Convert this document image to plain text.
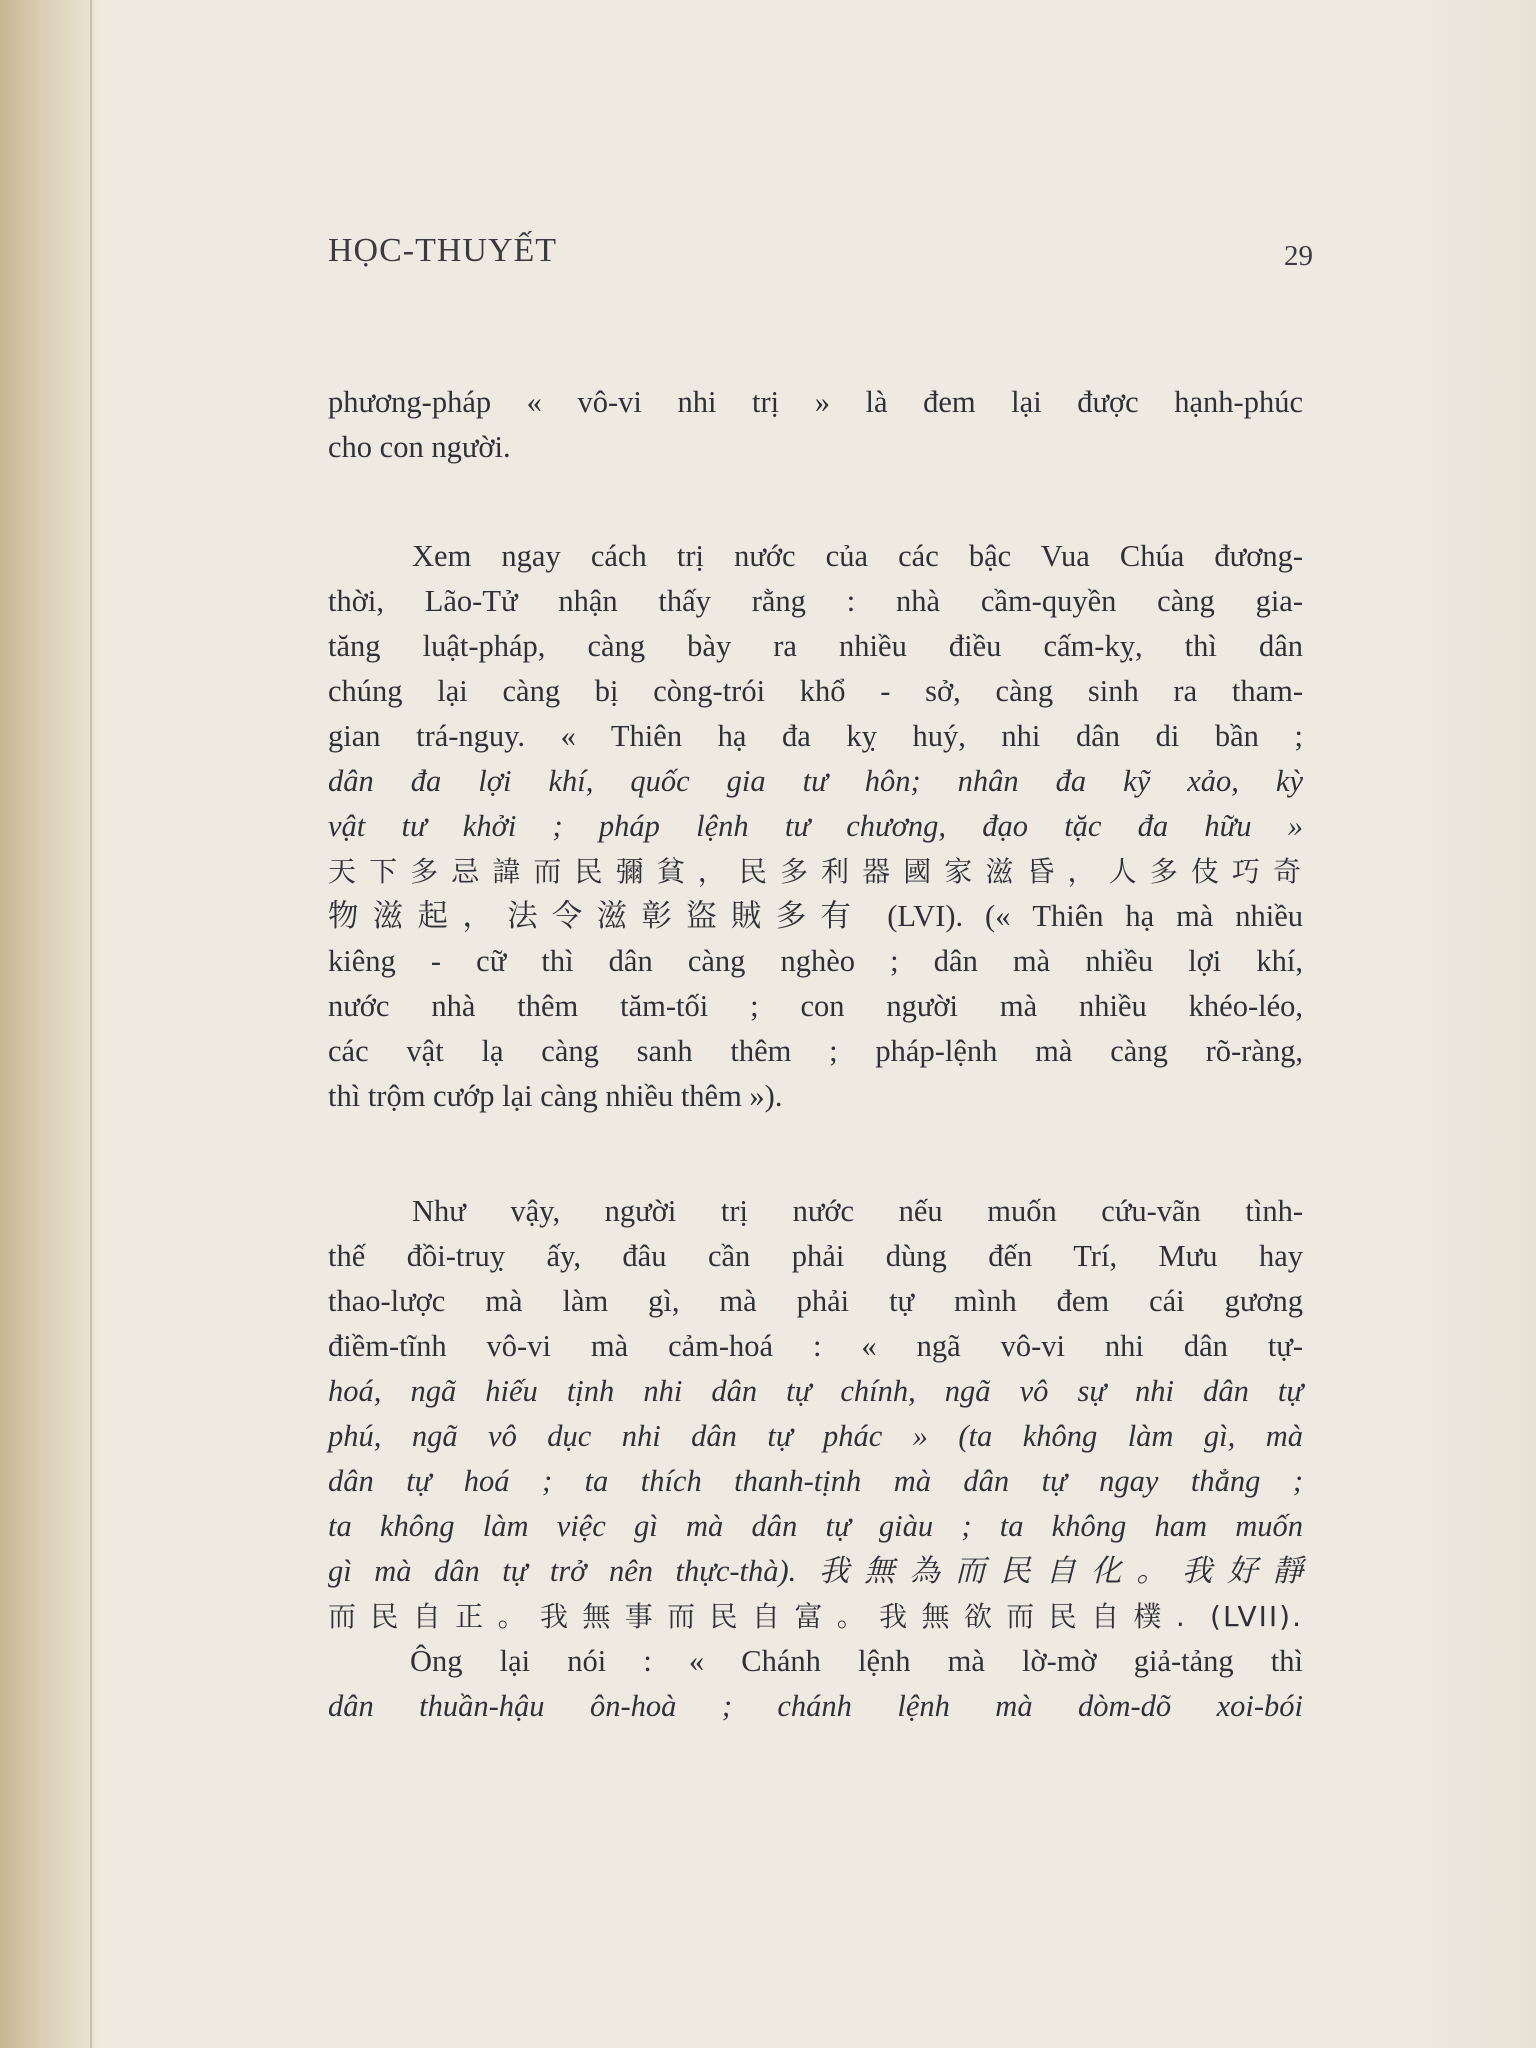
HỌC-THUYẾT	29
phương-pháp « vô-vi nhi trị » là đem lại được hạnh-phúc
cho con người.
Xem ngay cách trị nước của các bậc Vua Chúa đương-
thời, Lão-Tử nhận thấy rằng : nhà cầm-quyền càng gia-
tăng luật-pháp, càng bày ra nhiều điều cấm-kỵ, thì dân
chúng lại càng bị còng-trói khổ - sở, càng sinh ra tham-
gian trá-nguy. « Thiên hạ đa kỵ huý, nhi dân di bần ;
dân đa lợi khí, quốc gia tư hôn; nhân đa kỹ xảo, kỳ
vật tư khởi ; pháp lệnh tư chương, đạo tặc đa hữu »
天下多忌諱而民彌貧，民多利器國家滋昏，人多伎巧奇
物滋起，法令滋彰盜賊多有 (LVI). (« Thiên hạ mà nhiều
kiêng - cữ thì dân càng nghèo ; dân mà nhiều lợi khí,
nước nhà thêm tăm-tối ; con người mà nhiều khéo-léo,
các vật lạ càng sanh thêm ; pháp-lệnh mà càng rõ-ràng,
thì trộm cướp lại càng nhiều thêm »).
Như vậy, người trị nước nếu muốn cứu-vãn tình-
thế đồi-truỵ ấy, đâu cần phải dùng đến Trí, Mưu hay
thao-lược mà làm gì, mà phải tự mình đem cái gương
điềm-tĩnh vô-vi mà cảm-hoá : « ngã vô-vi nhi dân tự-
hoá, ngã hiếu tịnh nhi dân tự chính, ngã vô sự nhi dân tự
phú, ngã vô dục nhi dân tự phác » (ta không làm gì, mà
dân tự hoá ; ta thích thanh-tịnh mà dân tự ngay thẳng ;
ta không làm việc gì mà dân tự giàu ; ta không ham muốn
gì mà dân tự trở nên thực-thà). 我無為而民自化。我好靜
而民自正。我無事而民自富。我無欲而民自樸. (LVII).
Ông lại nói : « Chánh lệnh mà lờ-mờ giả-tảng thì
dân thuần-hậu ôn-hoà ; chánh lệnh mà dòm-dõ xoi-bói
